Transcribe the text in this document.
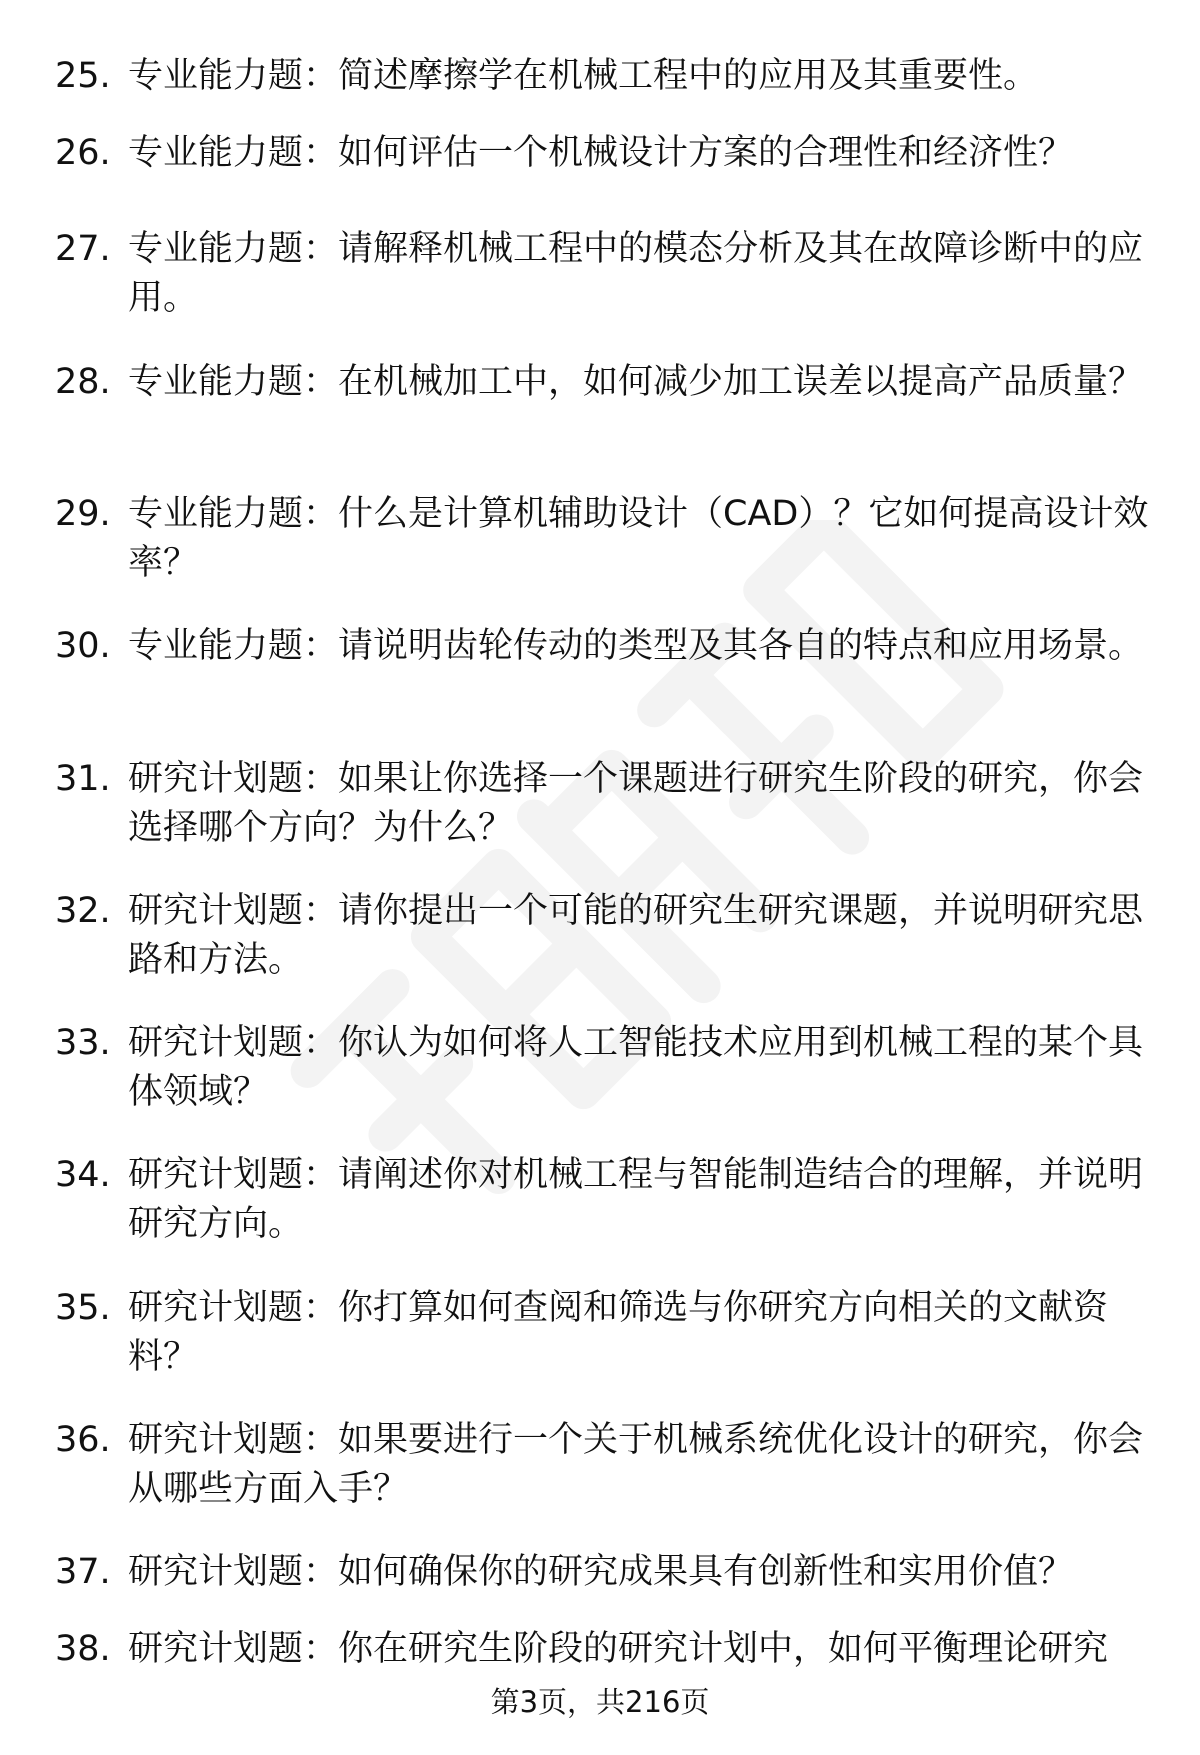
25. 专业能力题：简述摩擦学在机械工程中的应用及其重要性。
26. 专业能力题：如何评估一个机械设计方案的合理性和经济性？
27. 专业能力题：请解释机械工程中的模态分析及其在故障诊断中的应用。
28. 专业能力题：在机械加工中，如何减少加工误差以提高产品质量？
29. 专业能力题：什么是计算机辅助设计（CAD）？它如何提高设计效率？
30. 专业能力题：请说明齿轮传动的类型及其各自的特点和应用场景。
31. 研究计划题：如果让你选择一个课题进行研究生阶段的研究，你会选择哪个方向？为什么？
32. 研究计划题：请你提出一个可能的研究生研究课题，并说明研究思路和方法。
33. 研究计划题：你认为如何将人工智能技术应用到机械工程的某个具体领域？
34. 研究计划题：请阐述你对机械工程与智能制造结合的理解，并说明研究方向。
35. 研究计划题：你打算如何查阅和筛选与你研究方向相关的文献资料？
36. 研究计划题：如果要进行一个关于机械系统优化设计的研究，你会从哪些方面入手？
37. 研究计划题：如何确保你的研究成果具有创新性和实用价值？
38. 研究计划题：你在研究生阶段的研究计划中，如何平衡理论研究
第3页，共216页
